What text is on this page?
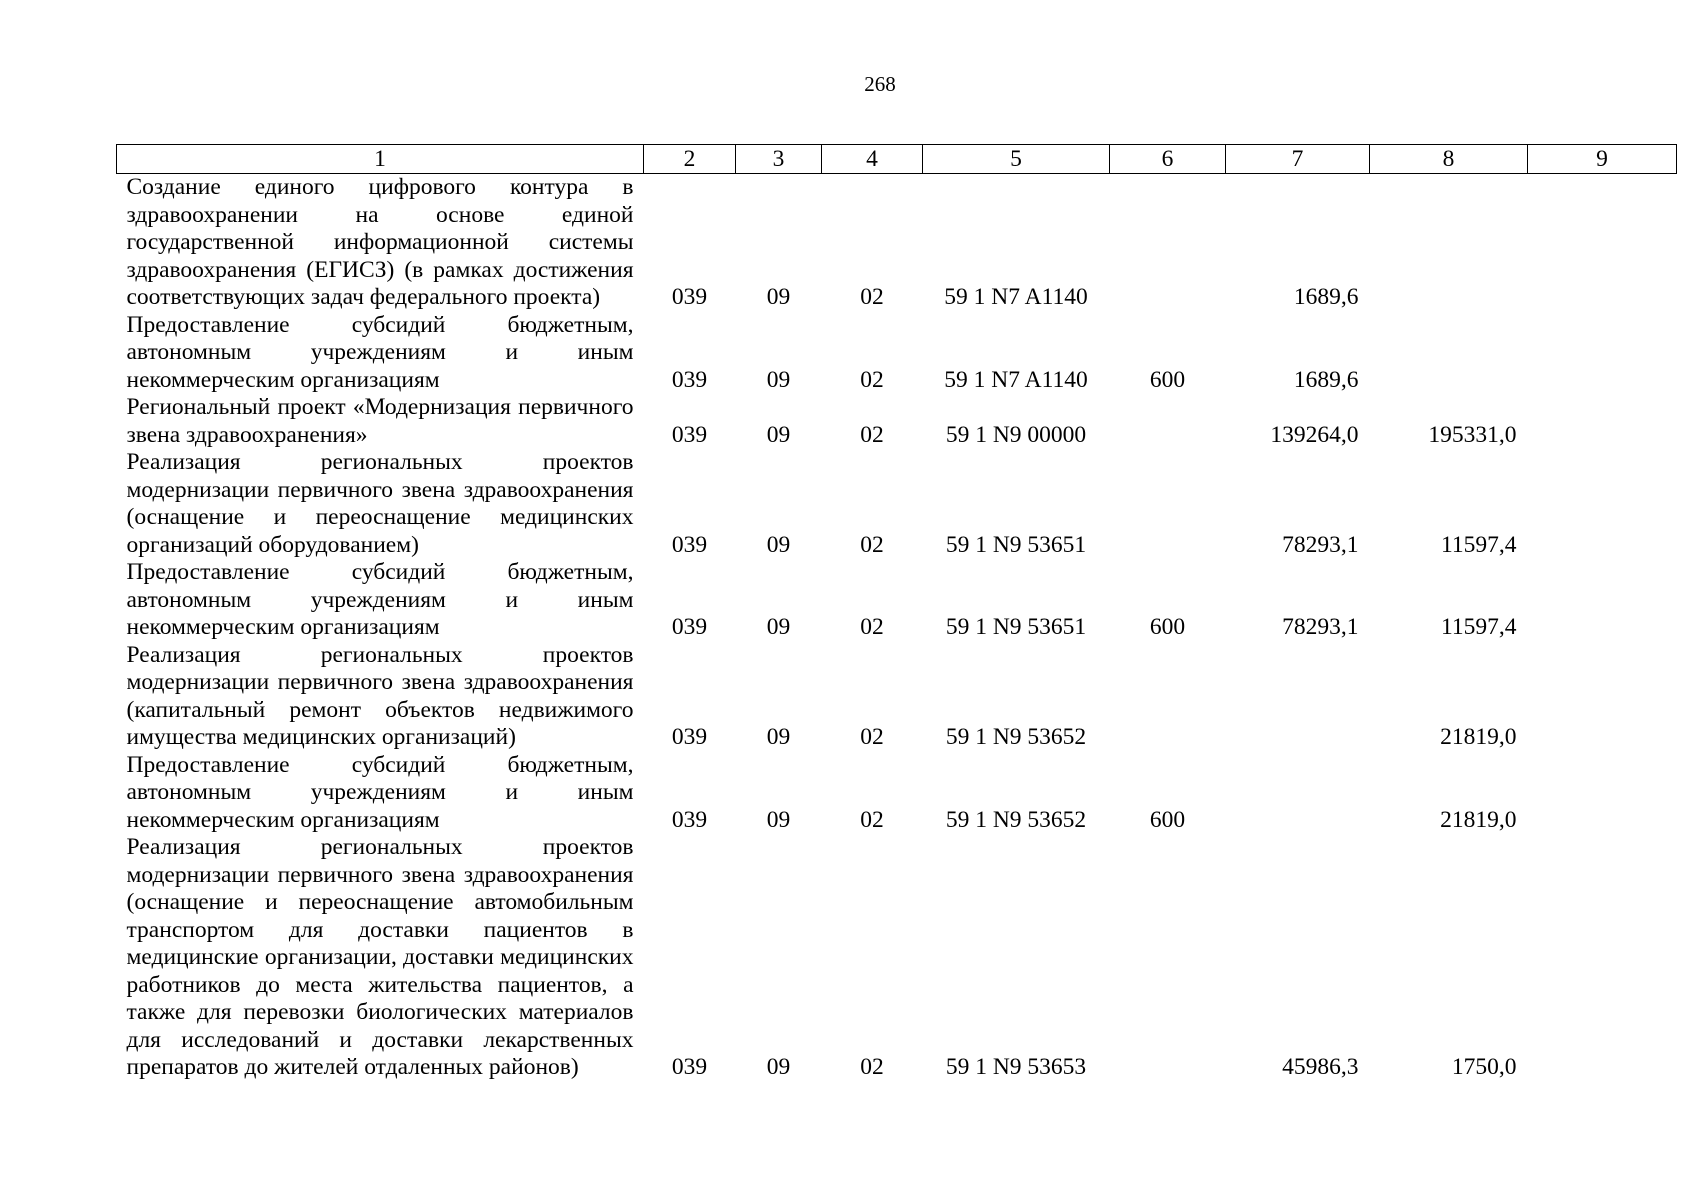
268
1	2	3	4	5	6	7	8	9
Создание единого цифрового контура в здравоохранении на основе единой государственной информационной системы здравоохранения (ЕГИСЗ) (в рамках достижения соответствующих задач федерального проекта)	039	09	02	59 1 N7 A1140		1689,6		
Предоставление субсидий бюджетным, автономным учреждениям и иным некоммерческим организациям	039	09	02	59 1 N7 A1140	600	1689,6		
Региональный проект «Модернизация первичного звена здравоохранения»	039	09	02	59 1 N9 00000		139264,0	195331,0	
Реализация региональных проектов модернизации первичного звена здравоохранения (оснащение и переоснащение медицинских организаций оборудованием)	039	09	02	59 1 N9 53651		78293,1	11597,4	
Предоставление субсидий бюджетным, автономным учреждениям и иным некоммерческим организациям	039	09	02	59 1 N9 53651	600	78293,1	11597,4	
Реализация региональных проектов модернизации первичного звена здравоохранения (капитальный ремонт объектов недвижимого имущества медицинских организаций)	039	09	02	59 1 N9 53652			21819,0	
Предоставление субсидий бюджетным, автономным учреждениям и иным некоммерческим организациям	039	09	02	59 1 N9 53652	600		21819,0	
Реализация региональных проектов модернизации первичного звена здравоохранения (оснащение и переоснащение автомобильным транспортом для доставки пациентов в медицинские организации, доставки медицинских работников до места жительства пациентов, а также для перевозки биологических материалов для исследований и доставки лекарственных препаратов до жителей отдаленных районов)	039	09	02	59 1 N9 53653		45986,3	1750,0	
